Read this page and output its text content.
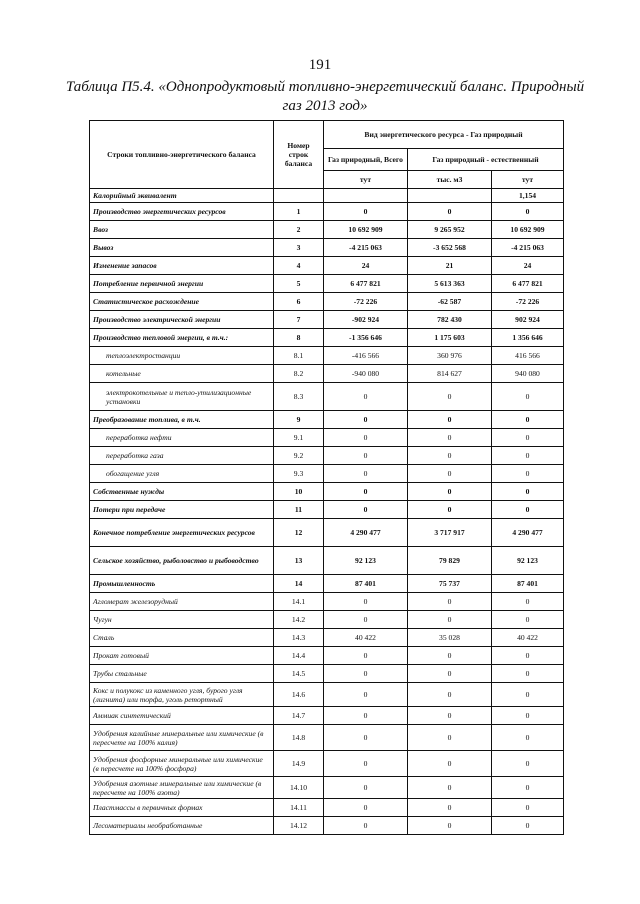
191
Таблица П5.4. «Однопродуктовый топливно-энергетический баланс. Природный
газ 2013 год»
Строки топливно-энергетического баланса	Номер строк баланса	Вид энергетического ресурса - Газ природный		
		Газ природный, Всего	Газ природный - естественный	
		тут	тыс. м3	тут
Калорийный эквивалент				1,154
Производство энергетических ресурсов	1	0	0	0
Ввоз	2	10 692 909	9 265 952	10 692 909
Вывоз	3	-4 215 063	-3 652 568	-4 215 063
Изменение запасов	4	24	21	24
Потребление первичной энергии	5	6 477 821	5 613 363	6 477 821
Статистическое расхождение	6	-72 226	-62 587	-72 226
Производство электрической энергии	7	-902 924	782 430	902 924
Производство тепловой энергии, в т.ч.:	8	-1 356 646	1 175 603	1 356 646
теплоэлектростанции	8.1	-416 566	360 976	416 566
котельные	8.2	-940 080	814 627	940 080
электрокотельные и тепло-утилизационные установки	8.3	0	0	0
Преобразование топлива, в т.ч.	9	0	0	0
переработка нефти	9.1	0	0	0
переработка газа	9.2	0	0	0
обогащение угля	9.3	0	0	0
Собственные нужды	10	0	0	0
Потери при передаче	11	0	0	0
Конечное потребление энергетических ресурсов	12	4 290 477	3 717 917	4 290 477
Сельское хозяйство, рыболовство и рыбоводство	13	92 123	79 829	92 123
Промышленность	14	87 401	75 737	87 401
Агломерат железорудный	14.1	0	0	0
Чугун	14.2	0	0	0
Сталь	14.3	40 422	35 028	40 422
Прокат готовый	14.4	0	0	0
Трубы стальные	14.5	0	0	0
Кокс и полукокс из каменного угля, бурого угля (лигнита) или торфа, уголь ретортный	14.6	0	0	0
Аммиак синтетический	14.7	0	0	0
Удобрения калийные минеральные или химические (в пересчете на 100% калия)	14.8	0	0	0
Удобрения фосфорные минеральные или химические (в пересчете на 100% фосфора)	14.9	0	0	0
Удобрения азотные минеральные или химические (в пересчете на 100% азота)	14.10	0	0	0
Пластмассы в первичных формах	14.11	0	0	0
Лесоматериалы необработанные	14.12	0	0	0
